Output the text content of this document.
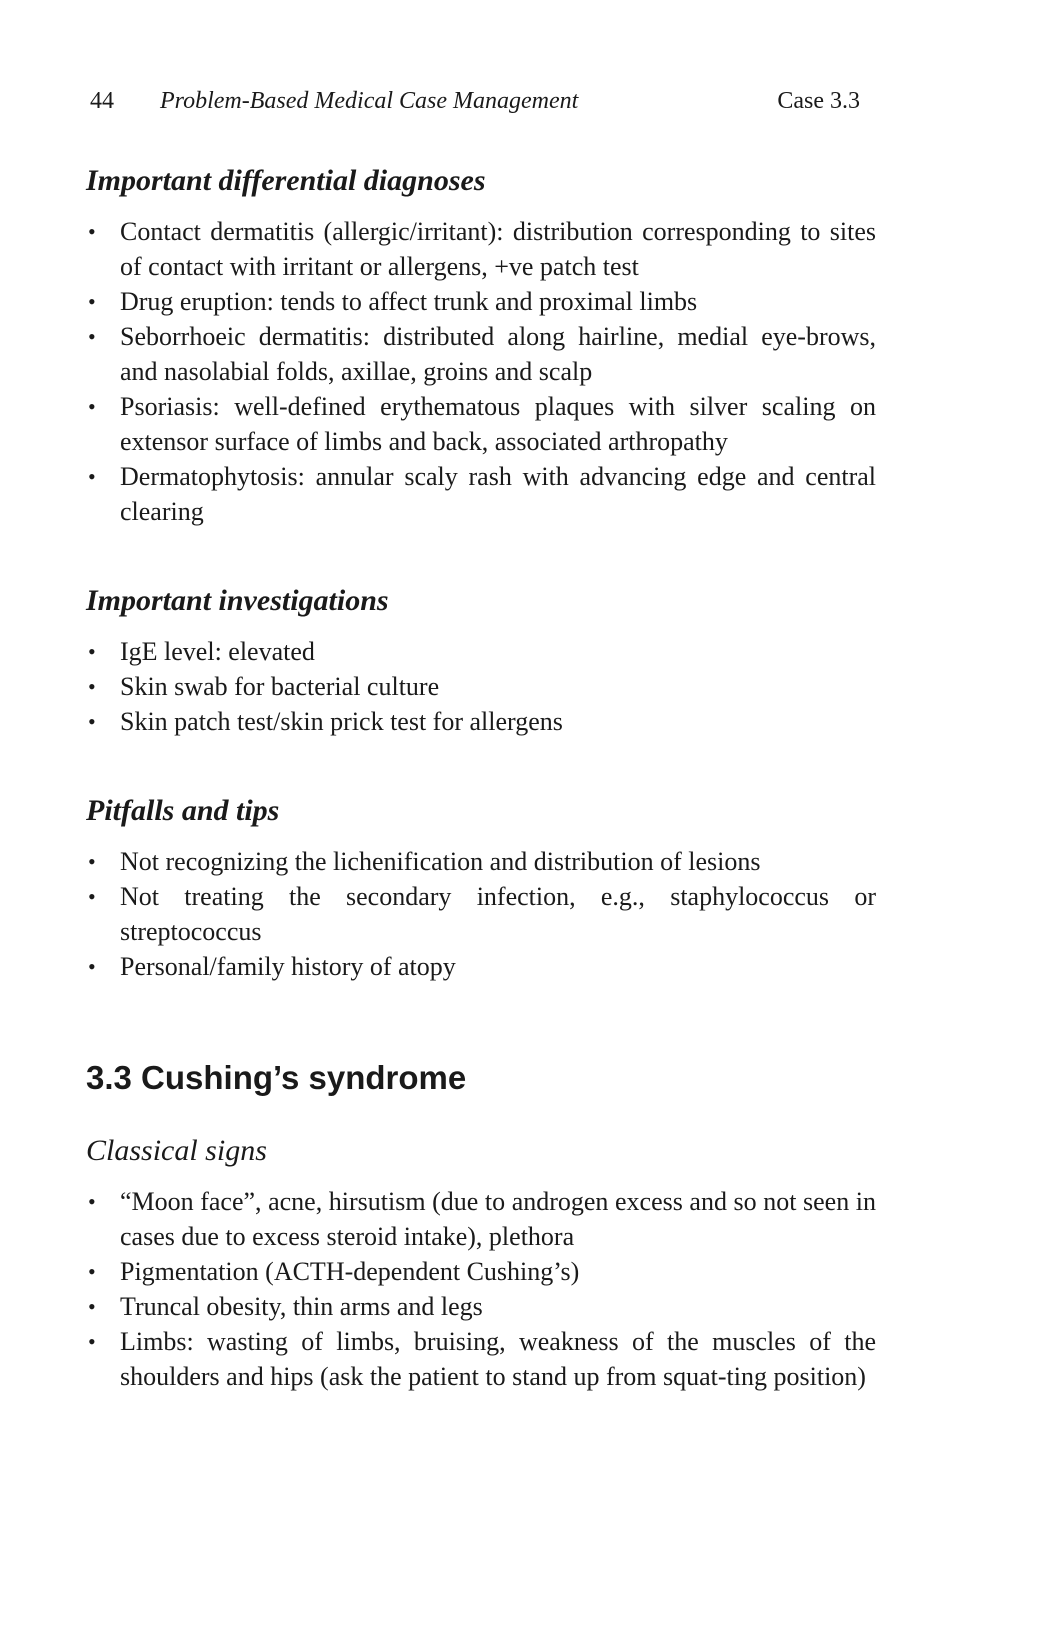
44 Problem-Based Medical Case Management	Case 3.3
Important differential diagnoses
• Contact dermatitis (allergic/irritant): distribution corresponding to sites of contact with irritant or allergens, +ve patch test
• Drug eruption: tends to affect trunk and proximal limbs
• Seborrhoeic dermatitis: distributed along hairline, medial eye-brows, and nasolabial folds, axillae, groins and scalp
• Psoriasis: well-defined erythematous plaques with silver scaling on extensor surface of limbs and back, associated arthropathy
• Dermatophytosis: annular scaly rash with advancing edge and central clearing
Important investigations
• IgE level: elevated
• Skin swab for bacterial culture
• Skin patch test/skin prick test for allergens
Pitfalls and tips
• Not recognizing the lichenification and distribution of lesions
• Not treating the secondary infection, e.g., staphylococcus or streptococcus
• Personal/family history of atopy
3.3 Cushing’s syndrome
Classical signs
• “Moon face”, acne, hirsutism (due to androgen excess and so not seen in cases due to excess steroid intake), plethora
• Pigmentation (ACTH-dependent Cushing’s)
• Truncal obesity, thin arms and legs
• Limbs: wasting of limbs, bruising, weakness of the muscles of the shoulders and hips (ask the patient to stand up from squat-ting position)
